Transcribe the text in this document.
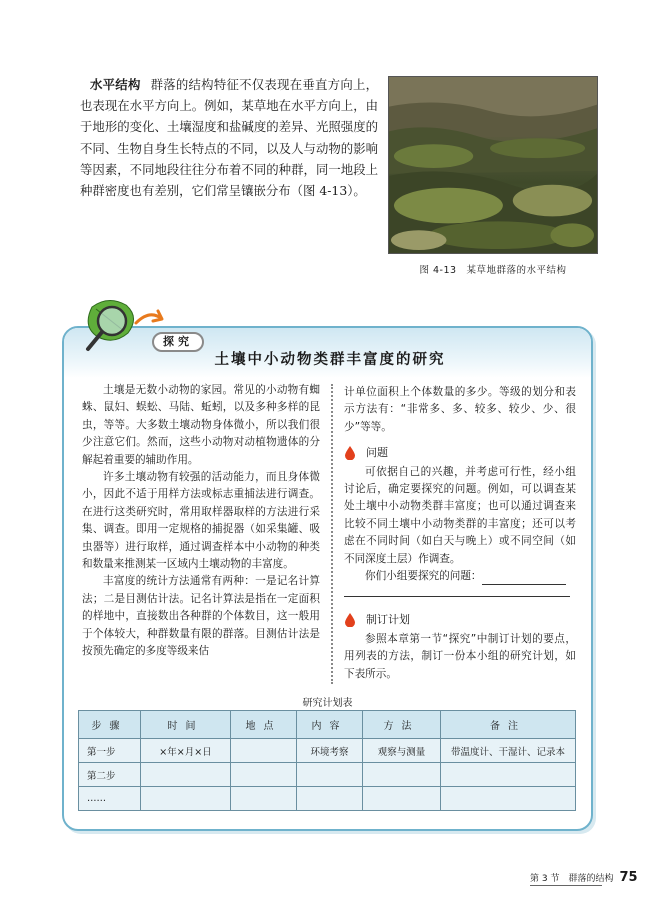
水平结构 群落的结构特征不仅表现在垂直方向上，也表现在水平方向上。例如，某草地在水平方向上，由于地形的变化、土壤湿度和盐碱度的差异、光照强度的不同、生物自身生长特点的不同，以及人与动物的影响等因素，不同地段往往分布着不同的种群，同一地段上种群密度也有差别，它们常呈镶嵌分布（图 4-13）。
图 4-13　某草地群落的水平结构
探究
土壤中小动物类群丰富度的研究

土壤是无数小动物的家园。常见的小动物有蜘蛛、鼠妇、蜈蚣、马陆、蚯蚓，以及多种多样的昆虫，等等。大多数土壤动物身体微小，所以我们很少注意它们。然而，这些小动物对动植物遗体的分解起着重要的辅助作用。

许多土壤动物有较强的活动能力，而且身体微小，因此不适于用样方法或标志重捕法进行调查。在进行这类研究时，常用取样器取样的方法进行采集、调查。即用一定规格的捕捉器（如采集罐、吸虫器等）进行取样，通过调查样本中小动物的种类和数量来推测某一区域内土壤动物的丰富度。

丰富度的统计方法通常有两种：一是记名计算法；二是目测估计法。记名计算法是指在一定面积的样地中，直接数出各种群的个体数目，这一般用于个体较大，种群数量有限的群落。目测估计法是按预先确定的多度等级来估

计单位面积上个体数量的多少。等级的划分和表示方法有：“非常多、多、较多、较少、少、很少”等等。
问题

可依据自己的兴趣，并考虑可行性，经小组讨论后，确定要探究的问题。例如，可以调查某处土壤中小动物类群丰富度；也可以通过调查来比较不同土壤中小动物类群的丰富度；还可以考虑在不同时间（如白天与晚上）或不同空间（如不同深度土层）作调查。

你们小组要探究的问题：

制订计划

参照本章第一节“探究”中制订计划的要点，用列表的方法，制订一份本小组的研究计划，如下表所示。

研究计划表
步骤	时间	地点	内容	方法	备注
第一步	×年×月×日		环境考察	观察与测量	带温度计、干湿计、记录本
第二步					
……					
第 3 节　群落的结构 75
